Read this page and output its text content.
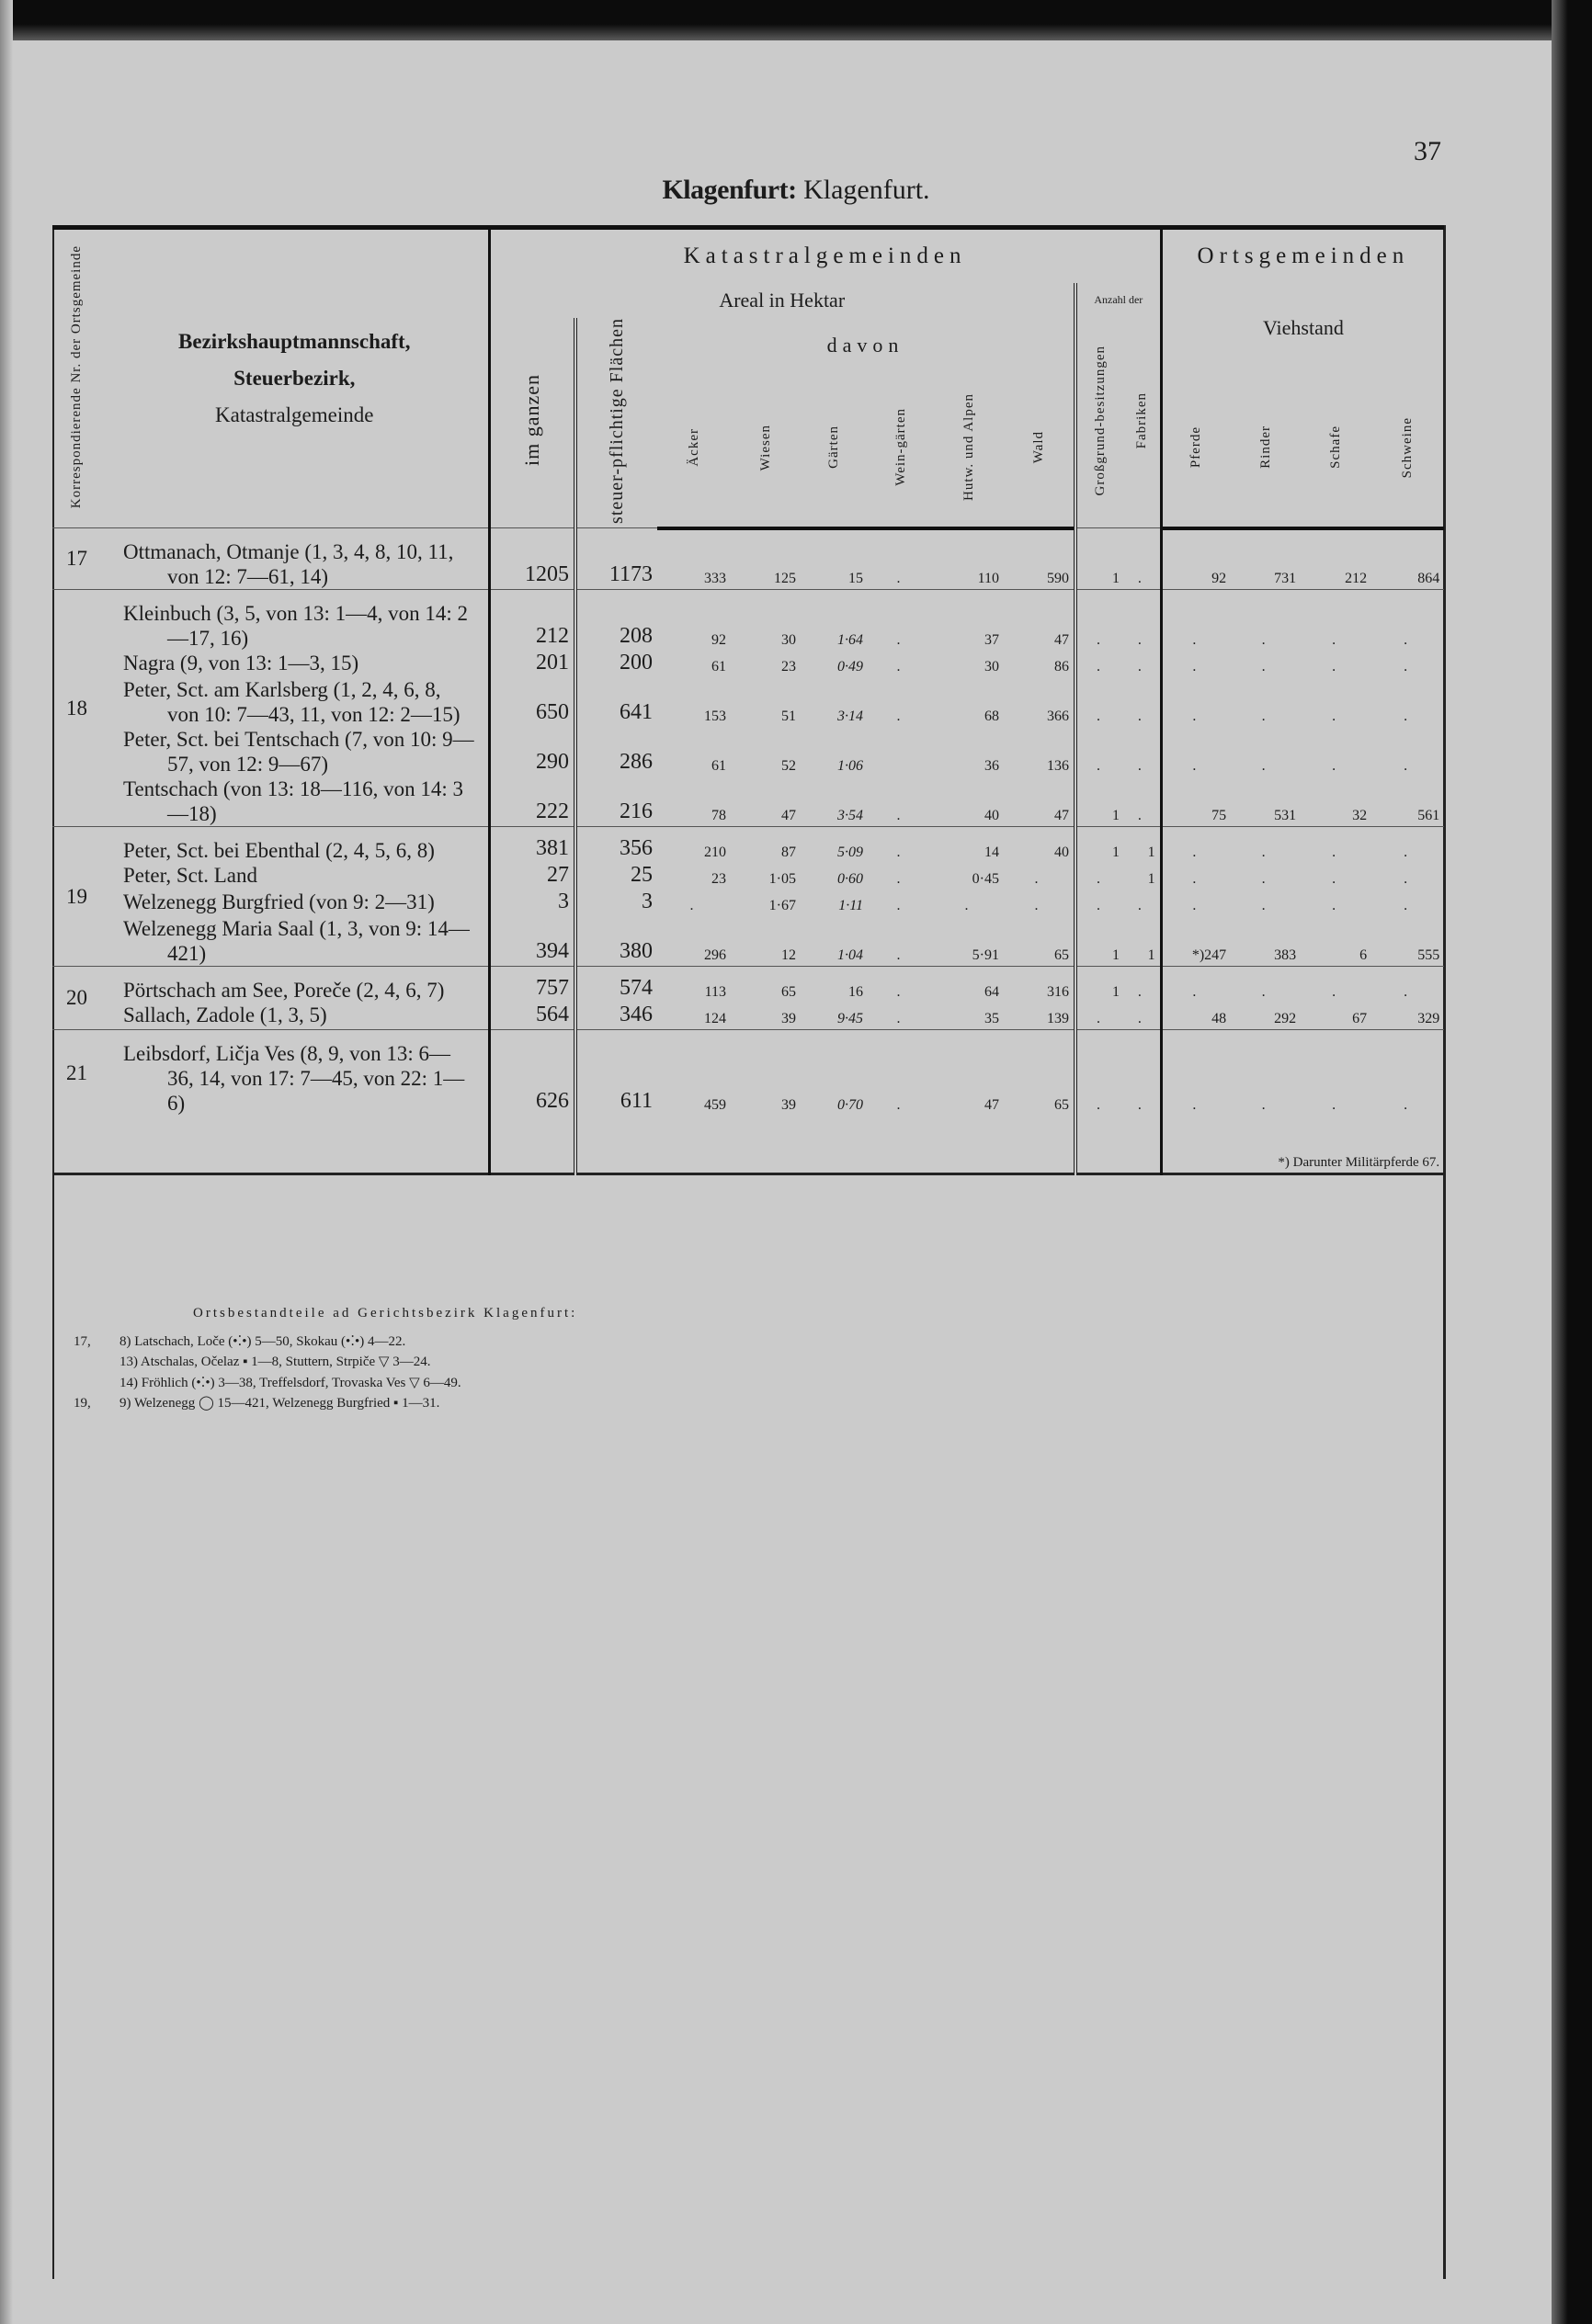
37
Klagenfurt: Klagenfurt.
Korrespondierende Nr. der Ortsgemeinde	Bezirkshauptmannschaft,
Steuerbezirk,
Katastralgemeinde	Katastralgemeinden										Ortsgemeinden			
		Areal in Hektar								Anzahl der		Viehstand			
		im ganzen	steuer-pflichtige Flächen	davon						Großgrund-besitzungen	Fabriken				
				Äcker	Wiesen	Gärten	Wein-gärten	Hutw. und Alpen	Wald			Pferde	Rinder	Schafe	Schweine
17	Ottmanach, Otmanje (1, 3, 4, 8, 10, 11, von 12: 7—61, 14)	1205	1173	333	125	15	.	110	590	1	.	92	731	212	864
18	Kleinbuch (3, 5, von 13: 1—4, von 14: 2—17, 16)	212	208	92	30	1·64	.	37	47	.	.	.	.	.	.

	Nagra (9, von 13: 1—3, 15)	201	200	61	23	0·49	.	30	86	.	.	.	.	.	.

	Peter, Sct. am Karlsberg (1, 2, 4, 6, 8, von 10: 7—43, 11, von 12: 2—15)	650	641	153	51	3·14	.	68	366	.	.	.	.	.	.

	Peter, Sct. bei Tentschach (7, von 10: 9—57, von 12: 9—67)	290	286	61	52	1·06		36	136	.	.	.	.	.	.

	Tentschach (von 13: 18—116, von 14: 3—18)	222	216	78	47	3·54	.	40	47	1	.	75	531	32	561
19	Peter, Sct. bei Ebenthal (2, 4, 5, 6, 8)	381	356	210	87	5·09	.	14	40	1	1	.	.	.	.

	Peter, Sct. Land	27	25	23	1·05	0·60	.	0·45	.	.	1	.	.	.	.

	Welzenegg Burgfried (von 9: 2—31)	3	3	.	1·67	1·11	.	.	.	.	.	.	.	.	.

	Welzenegg Maria Saal (1, 3, von 9: 14—421)	394	380	296	12	1·04	.	5·91	65	1	1	*)247	383	6	555
20	Pörtschach am See, Poreče (2, 4, 6, 7)	757	574	113	65	16	.	64	316	1	.	.	.	.	.

	Sallach, Zadole (1, 3, 5)	564	346	124	39	9·45	.	35	139	.	.	48	292	67	329
21	Leibsdorf, Ličja Ves (8, 9, von 13: 6—36, 14, von 17: 7—45, von 22: 1—6)	626	611	459	39	0·70	.	47	65	.	.	.	.	.	.
												*) Darunter Militärpferde 67.			

Ortsbestandteile ad Gerichtsbezirk Klagenfurt:
17,	8) Latschach, Loče (•⁚•) 5—50, Skokau (•⁚•) 4—22.
13) Atschalas, Očelaz ▪ 1—8, Stuttern, Strpiče ▽ 3—24.
14) Fröhlich (•⁚•) 3—38, Treffelsdorf, Trovaska Ves ▽ 6—49.
19,	9) Welzenegg ◯ 15—421, Welzenegg Burgfried ▪ 1—31.
